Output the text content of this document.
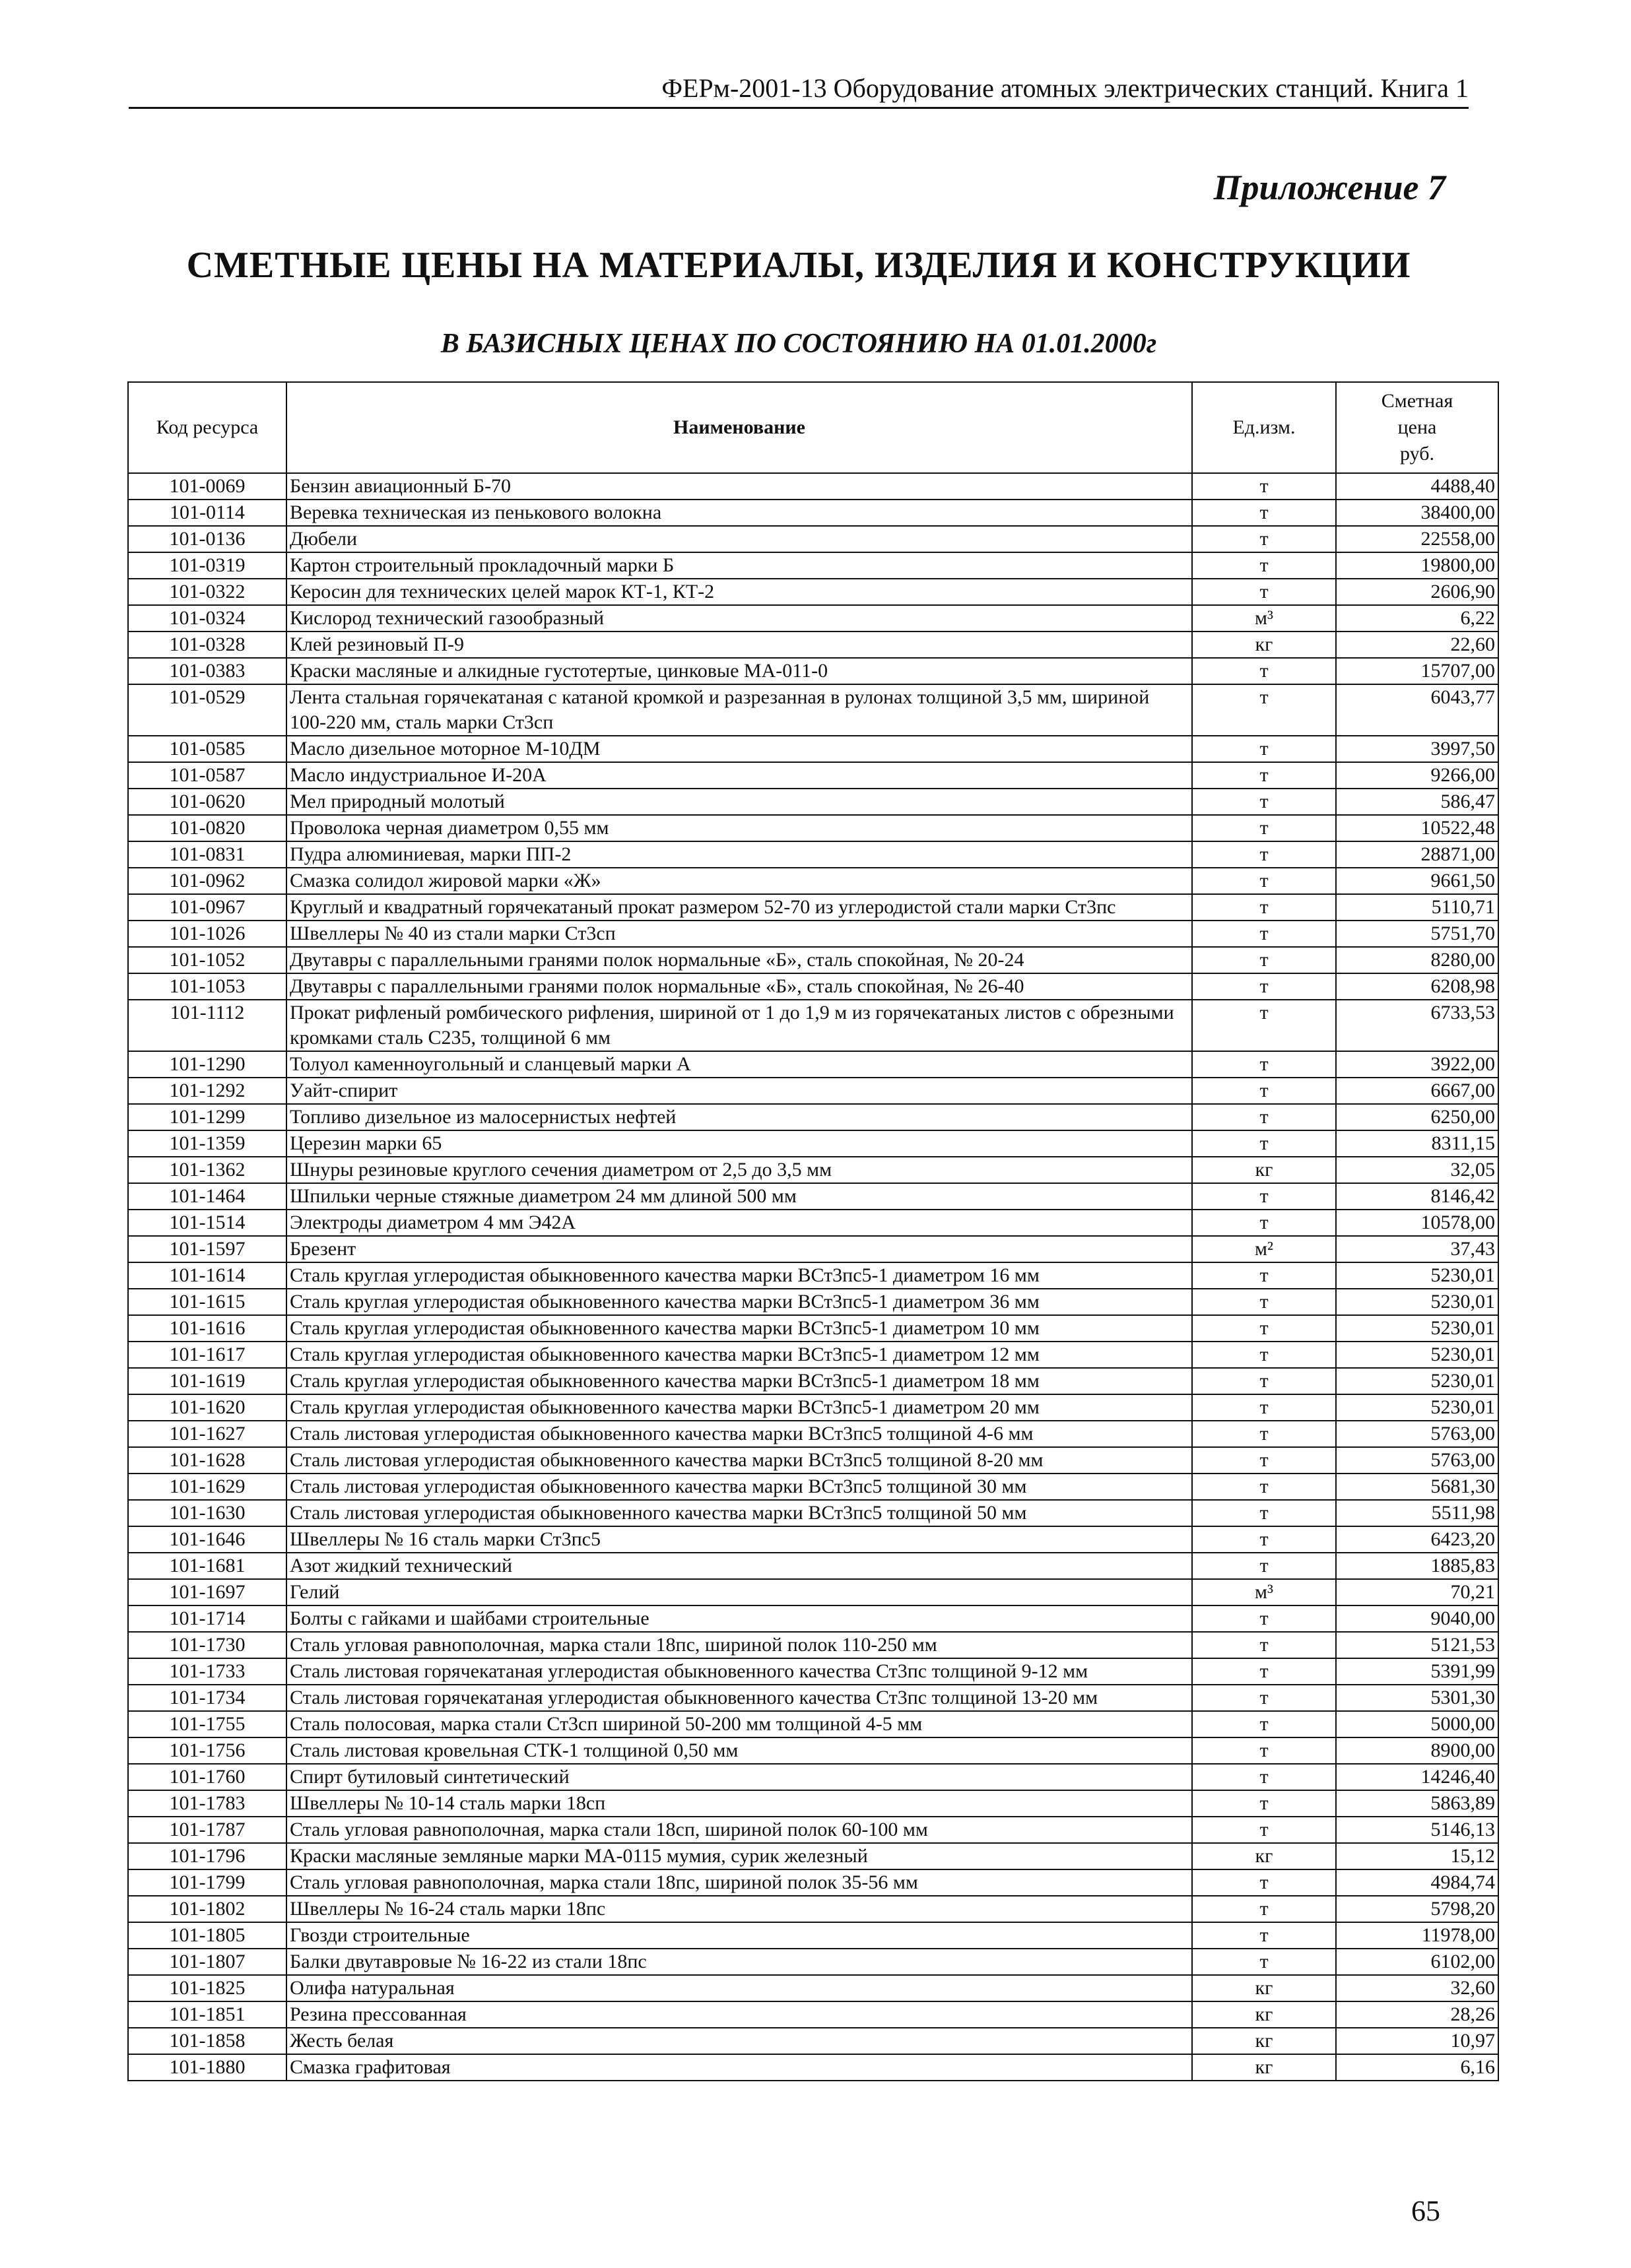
ФЕРм-2001-13 Оборудование атомных электрических станций. Книга 1
Приложение 7
СМЕТНЫЕ ЦЕНЫ НА МАТЕРИАЛЫ, ИЗДЕЛИЯ И КОНСТРУКЦИИ
В БАЗИСНЫХ ЦЕНАХ ПО СОСТОЯНИЮ НА 01.01.2000г
Код ресурса	Наименование	Ед.изм.	Сметная
цена
руб.

101-0069	Бензин авиационный Б-70	т	4488,40
101-0114	Веревка техническая из пенькового волокна	т	38400,00
101-0136	Дюбели	т	22558,00
101-0319	Картон строительный прокладочный марки Б	т	19800,00
101-0322	Керосин для технических целей марок КТ-1, КТ-2	т	2606,90
101-0324	Кислород технический газообразный	м³	6,22
101-0328	Клей резиновый П-9	кг	22,60
101-0383	Краски масляные и алкидные густотертые, цинковые МА-011-0	т	15707,00
101-0529	Лента стальная горячекатаная с катаной кромкой и разрезанная в рулонах толщиной 3,5 мм, шириной 100-220 мм, сталь марки Ст3сп	т	6043,77
101-0585	Масло дизельное моторное М-10ДМ	т	3997,50
101-0587	Масло индустриальное И-20А	т	9266,00
101-0620	Мел природный молотый	т	586,47
101-0820	Проволока черная диаметром 0,55 мм	т	10522,48
101-0831	Пудра алюминиевая, марки ПП-2	т	28871,00
101-0962	Смазка солидол жировой марки «Ж»	т	9661,50
101-0967	Круглый и квадратный горячекатаный прокат размером 52-70 из углеродистой стали марки Ст3пс	т	5110,71
101-1026	Швеллеры № 40 из стали марки Ст3сп	т	5751,70
101-1052	Двутавры с параллельными гранями полок нормальные «Б», сталь спокойная, № 20-24	т	8280,00
101-1053	Двутавры с параллельными гранями полок нормальные «Б», сталь спокойная, № 26-40	т	6208,98
101-1112	Прокат рифленый ромбического рифления, шириной от 1 до 1,9 м из горячекатаных листов с обрезными кромками сталь С235, толщиной 6 мм	т	6733,53
101-1290	Толуол каменноугольный и сланцевый марки А	т	3922,00
101-1292	Уайт-спирит	т	6667,00
101-1299	Топливо дизельное из малосернистых нефтей	т	6250,00
101-1359	Церезин марки 65	т	8311,15
101-1362	Шнуры резиновые круглого сечения диаметром от 2,5 до 3,5 мм	кг	32,05
101-1464	Шпильки черные стяжные диаметром 24 мм длиной 500 мм	т	8146,42
101-1514	Электроды диаметром 4 мм Э42А	т	10578,00
101-1597	Брезент	м²	37,43
101-1614	Сталь круглая углеродистая обыкновенного качества марки ВСт3пс5-1 диаметром 16 мм	т	5230,01
101-1615	Сталь круглая углеродистая обыкновенного качества марки ВСт3пс5-1 диаметром 36 мм	т	5230,01
101-1616	Сталь круглая углеродистая обыкновенного качества марки ВСт3пс5-1 диаметром 10 мм	т	5230,01
101-1617	Сталь круглая углеродистая обыкновенного качества марки ВСт3пс5-1 диаметром 12 мм	т	5230,01
101-1619	Сталь круглая углеродистая обыкновенного качества марки ВСт3пс5-1 диаметром 18 мм	т	5230,01
101-1620	Сталь круглая углеродистая обыкновенного качества марки ВСт3пс5-1 диаметром 20 мм	т	5230,01
101-1627	Сталь листовая углеродистая обыкновенного качества марки ВСт3пс5 толщиной 4-6 мм	т	5763,00
101-1628	Сталь листовая углеродистая обыкновенного качества марки ВСт3пс5 толщиной 8-20 мм	т	5763,00
101-1629	Сталь листовая углеродистая обыкновенного качества марки ВСт3пс5 толщиной 30 мм	т	5681,30
101-1630	Сталь листовая углеродистая обыкновенного качества марки ВСт3пс5 толщиной 50 мм	т	5511,98
101-1646	Швеллеры № 16 сталь марки Ст3пс5	т	6423,20
101-1681	Азот жидкий технический	т	1885,83
101-1697	Гелий	м³	70,21
101-1714	Болты с гайками и шайбами строительные	т	9040,00
101-1730	Сталь угловая равнополочная, марка стали 18пс, шириной полок 110-250 мм	т	5121,53
101-1733	Сталь листовая горячекатаная углеродистая обыкновенного качества Ст3пс толщиной 9-12 мм	т	5391,99
101-1734	Сталь листовая горячекатаная углеродистая обыкновенного качества Ст3пс толщиной 13-20 мм	т	5301,30
101-1755	Сталь полосовая, марка стали Ст3сп шириной 50-200 мм толщиной 4-5 мм	т	5000,00
101-1756	Сталь листовая кровельная СТК-1 толщиной 0,50 мм	т	8900,00
101-1760	Спирт бутиловый синтетический	т	14246,40
101-1783	Швеллеры № 10-14 сталь марки 18сп	т	5863,89
101-1787	Сталь угловая равнополочная, марка стали 18сп, шириной полок 60-100 мм	т	5146,13
101-1796	Краски масляные земляные марки МА-0115 мумия, сурик железный	кг	15,12
101-1799	Сталь угловая равнополочная, марка стали 18пс, шириной полок 35-56 мм	т	4984,74
101-1802	Швеллеры № 16-24 сталь марки 18пс	т	5798,20
101-1805	Гвозди строительные	т	11978,00
101-1807	Балки двутавровые № 16-22 из стали 18пс	т	6102,00
101-1825	Олифа натуральная	кг	32,60
101-1851	Резина прессованная	кг	28,26
101-1858	Жесть белая	кг	10,97
101-1880	Смазка графитовая	кг	6,16
65
